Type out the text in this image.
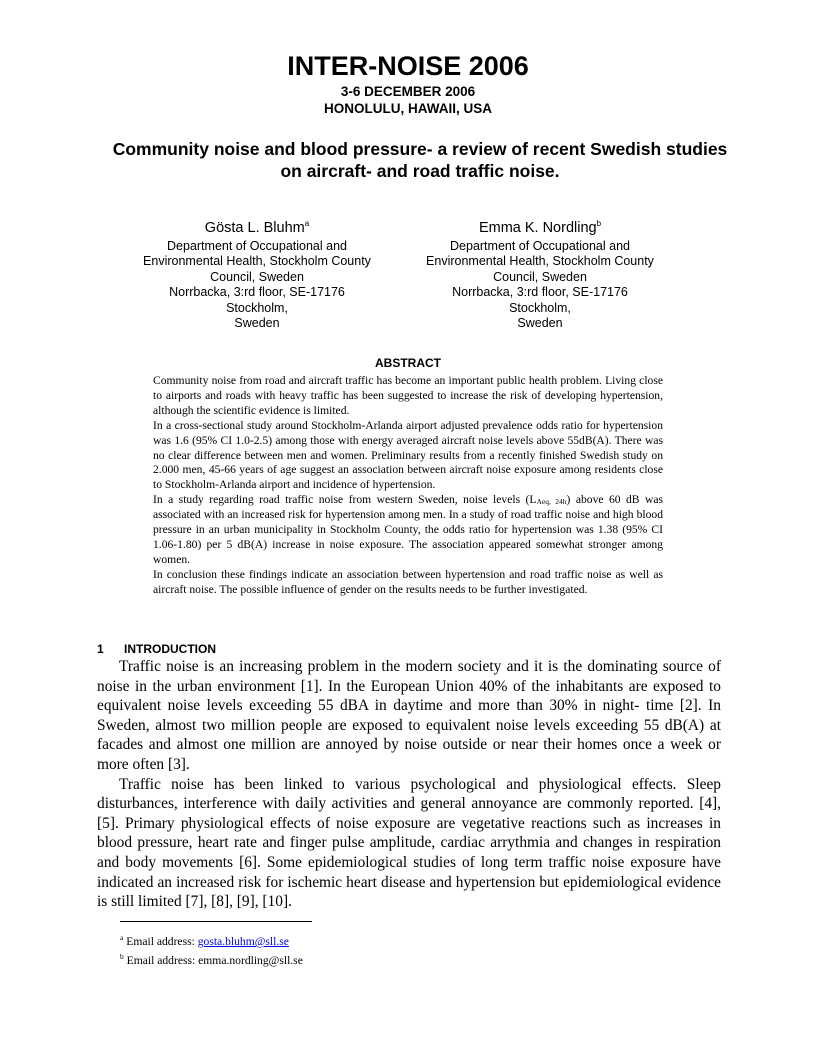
INTER-NOISE 2006
3-6 DECEMBER 2006
HONOLULU, HAWAII, USA
Community noise and blood pressure- a review of recent Swedish studies on aircraft- and road traffic noise.
Gösta L. Bluhm$^a$
Department of Occupational and
Environmental Health, Stockholm County
Council, Sweden
Norrbacka, 3:rd floor, SE-17176
Stockholm,
Sweden
Emma K. Nordling$^b$
Department of Occupational and
Environmental Health, Stockholm County
Council, Sweden
Norrbacka, 3:rd floor, SE-17176
Stockholm,
Sweden
ABSTRACT

Community noise from road and aircraft traffic has become an important public health problem. Living close to airports and roads with heavy traffic has been suggested to increase the risk of developing hypertension, although the scientific evidence is limited.

In a cross-sectional study around Stockholm-Arlanda airport adjusted prevalence odds ratio for hypertension was 1.6 (95% CI 1.0-2.5) among those with energy averaged aircraft noise levels above 55dB(A). There was no clear difference between men and women. Preliminary results from a recently finished Swedish study on 2.000 men, 45-66 years of age suggest an association between aircraft noise exposure among residents close to Stockholm-Arlanda airport and incidence of hypertension.

In a study regarding road traffic noise from western Sweden, noise levels $(L_{Aeq, 24h})$ above 60 dB was associated with an increased risk for hypertension among men. In a study of road traffic noise and high blood pressure in an urban municipality in Stockholm County, the odds ratio for hypertension was 1.38 (95% CI 1.06-1.80) per 5 dB(A) increase in noise exposure. The association appeared somewhat stronger among women.

In conclusion these findings indicate an association between hypertension and road traffic noise as well as aircraft noise. The possible influence of gender on the results needs to be further investigated.

1 INTRODUCTION

Traffic noise is an increasing problem in the modern society and it is the dominating source of noise in the urban environment [1]. In the European Union 40% of the inhabitants are exposed to equivalent noise levels exceeding 55 dBA in daytime and more than 30% in night- time [2]. In Sweden, almost two million people are exposed to equivalent noise levels exceeding 55 dB(A) at facades and almost one million are annoyed by noise outside or near their homes once a week or more often [3].

Traffic noise has been linked to various psychological and physiological effects. Sleep disturbances, interference with daily activities and general annoyance are commonly reported. [4], [5]. Primary physiological effects of noise exposure are vegetative reactions such as increases in blood pressure, heart rate and finger pulse amplitude, cardiac arrythmia and changes in respiration and body movements [6]. Some epidemiological studies of long term traffic noise exposure have indicated an increased risk for ischemic heart disease and hypertension but epidemiological evidence is still limited [7], [8], [9], [10].

$^a$ Email address: gosta.bluhm@sll.se
$^b$ Email address: emma.nordling@sll.se
